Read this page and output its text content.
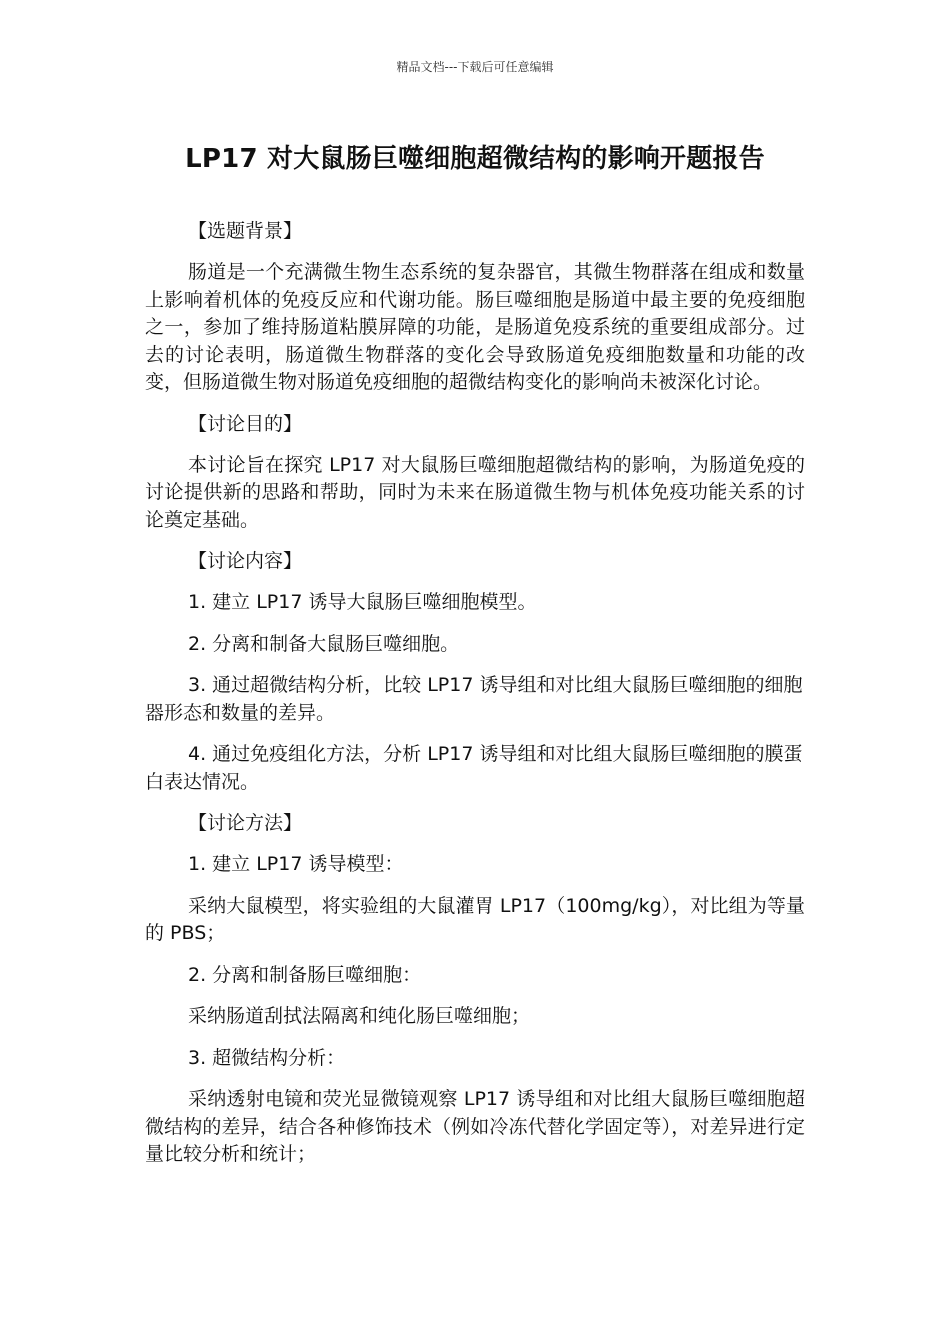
精品文档---下载后可任意编辑
LP17 对大鼠肠巨噬细胞超微结构的影响开题报告
【选题背景】

肠道是一个充满微生物生态系统的复杂器官，其微生物群落在组成和数量上影响着机体的免疫反应和代谢功能。肠巨噬细胞是肠道中最主要的免疫细胞之一，参加了维持肠道粘膜屏障的功能，是肠道免疫系统的重要组成部分。过去的讨论表明，肠道微生物群落的变化会导致肠道免疫细胞数量和功能的改变，但肠道微生物对肠道免疫细胞的超微结构变化的影响尚未被深化讨论。

【讨论目的】

本讨论旨在探究 LP17 对大鼠肠巨噬细胞超微结构的影响，为肠道免疫的讨论提供新的思路和帮助，同时为未来在肠道微生物与机体免疫功能关系的讨论奠定基础。

【讨论内容】

1. 建立 LP17 诱导大鼠肠巨噬细胞模型。

2. 分离和制备大鼠肠巨噬细胞。

3. 通过超微结构分析，比较 LP17 诱导组和对比组大鼠肠巨噬细胞的细胞器形态和数量的差异。

4. 通过免疫组化方法，分析 LP17 诱导组和对比组大鼠肠巨噬细胞的膜蛋白表达情况。

【讨论方法】

1. 建立 LP17 诱导模型：

采纳大鼠模型，将实验组的大鼠灌胃 LP17（100mg/kg），对比组为等量的 PBS；

2. 分离和制备肠巨噬细胞：

采纳肠道刮拭法隔离和纯化肠巨噬细胞；

3. 超微结构分析：

采纳透射电镜和荧光显微镜观察 LP17 诱导组和对比组大鼠肠巨噬细胞超微结构的差异，结合各种修饰技术（例如冷冻代替化学固定等），对差异进行定量比较分析和统计；
